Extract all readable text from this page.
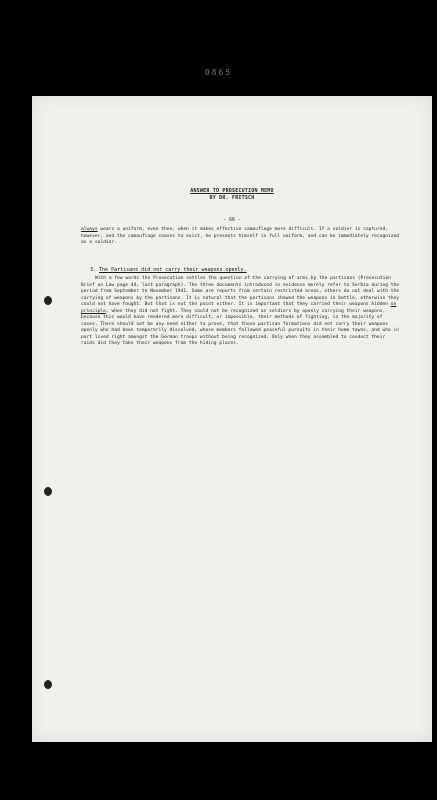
0865
ANSWER TO PROSECUTION MEMO
BY DR. FRITSCH
- 66 -
always wears a uniform, even then, when it makes effective camouflage more difficult. If a soldier is captured, however, and the camouflage ceases to exist, he presents himself in full uniform, and can be immediately recognized as a soldier.
3. The Partisans did not carry their weapons openly.
With a few words the Prosecution settles the question of the carrying of arms by the partisans (Prosecution Brief on Law page 44, last paragraph). The three documents introduced in evidence merely refer to Serbia during the period from September to November 1941. Some are reports from certain restricted areas, others do not deal with the carrying of weapons by the partisans. It is natural that the partisans showed the weapons in battle, otherwise they could not have fought. But that is not the point either. It is important that they carried their weapons hidden on principle, when they did not fight. They could not be recognized as soldiers by openly carrying their weapons, because this would have rendered more difficult, or impossible, their methods of fighting, in the majority of cases. There should not be any need either to prove, that those partisan formations did not carry their weapons openly who had been temporarily dissolved, whose members followed peaceful pursuits in their home towns, and who in part lived right amongst the German troops without being recognized. Only when they assembled to conduct their raids did they take their weapons from the hiding places.
